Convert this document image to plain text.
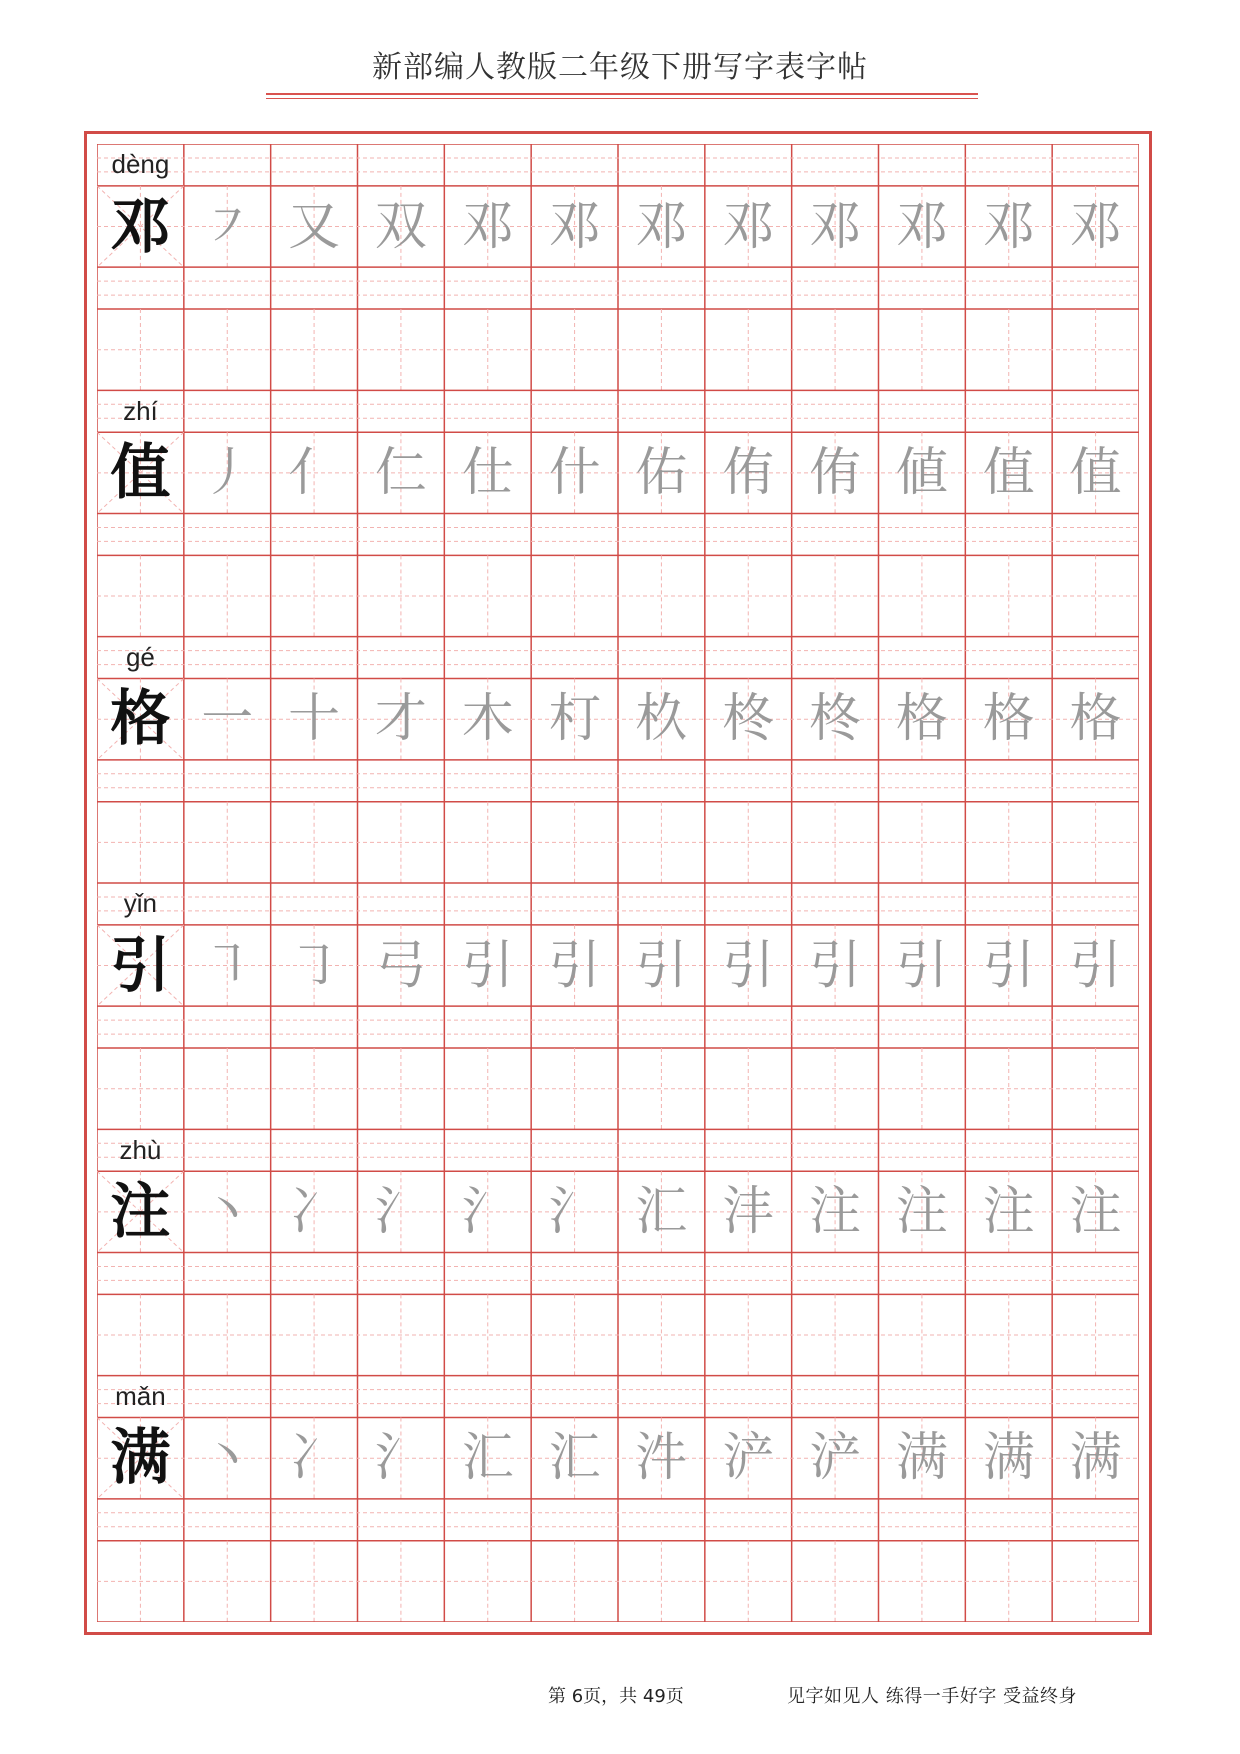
新部编人教版二年级下册写字表字帖
dèng
邓 ㇇ 又 双 邓 邓 邓 邓 邓 邓 邓 邓
zhí
值 丿 亻 仁 仕 什 佑 侑 侑 値 值 值
gé
格 一 十 才 木 朾 杦 柊 柊 格 格 格
yǐn
引 ㇕ ㇆ 弓 引 引 引 引 引 引 引 引
zhù
注 丶 冫 氵 氵 氵 汇 沣 注 注 注 注
mǎn
满 丶 冫 氵 汇 汇 汼 浐 浐 满 满 满
第 6页，共 49页	见字如见人 练得一手好字 受益终身
